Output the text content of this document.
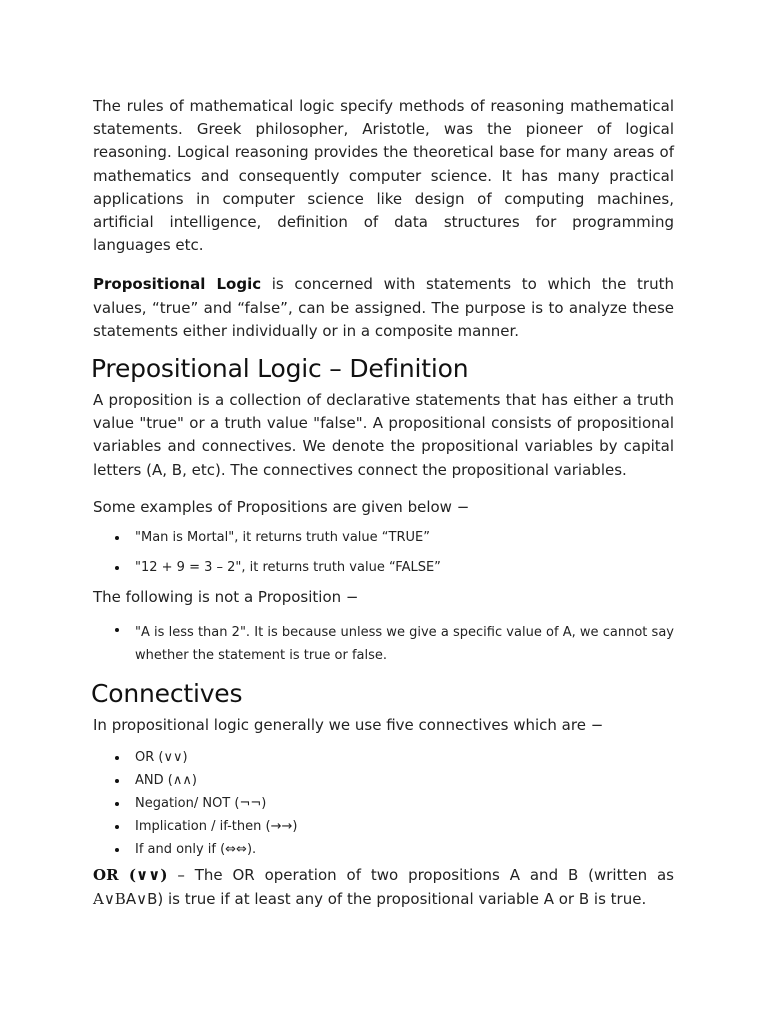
The rules of mathematical logic specify methods of reasoning mathematical statements. Greek philosopher, Aristotle, was the pioneer of logical reasoning. Logical reasoning provides the theoretical base for many areas of mathematics and consequently computer science. It has many practical applications in computer science like design of computing machines, artificial intelligence, definition of data structures for programming languages etc.

Propositional Logic is concerned with statements to which the truth values, “true” and “false”, can be assigned. The purpose is to analyze these statements either individually or in a composite manner.

Prepositional Logic – Definition

A proposition is a collection of declarative statements that has either a truth value "true" or a truth value "false". A propositional consists of propositional variables and connectives. We denote the propositional variables by capital letters (A, B, etc). The connectives connect the propositional variables.

Some examples of Propositions are given below −

"Man is Mortal", it returns truth value “TRUE”
"12 + 9 = 3 – 2", it returns truth value “FALSE”

The following is not a Proposition −

"A is less than 2". It is because unless we give a specific value of A, we cannot say whether the statement is true or false.
Connectives

In propositional logic generally we use five connectives which are −

OR (∨∨)
AND (∧∧)
Negation/ NOT (¬¬)
Implication / if-then (→→)
If and only if (⇔⇔).

OR (∨∨) – The OR operation of two propositions A and B (written as A∨BA∨B) is true if at least any of the propositional variable A or B is true.
